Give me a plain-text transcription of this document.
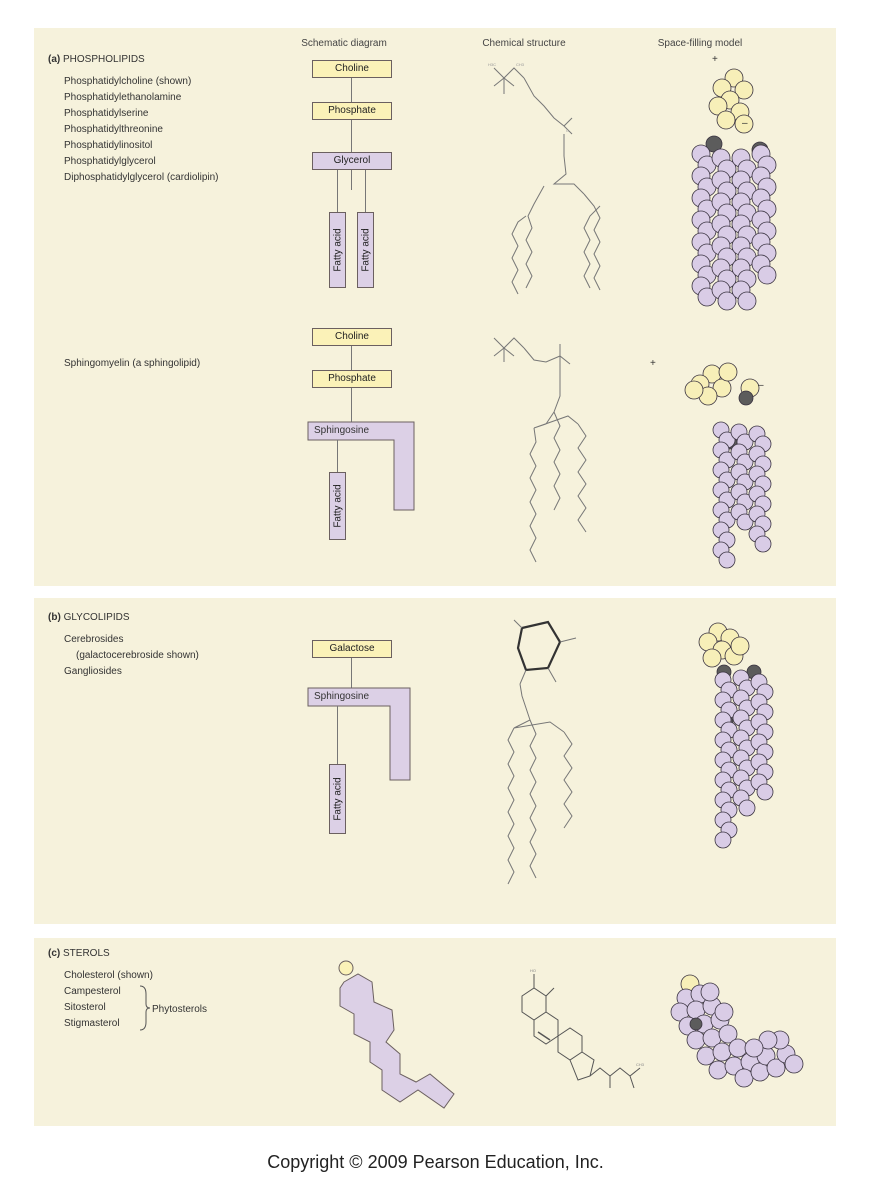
Schematic diagram	Chemical structure	Space-filling model
(a) PHOSPHOLIPIDS
Phosphatidylcholine (shown)
Phosphatidylethanolamine
Phosphatidylserine
Phosphatidylthreonine
Phosphatidylinositol
Phosphatidylglycerol
Diphosphatidylglycerol (cardiolipin)
Choline
Phosphate
Glycerol
Fatty acid Fatty acid
Sphingomyelin (a sphingolipid)
Choline
Phosphate
Sphingosine
Fatty acid
H3C	CH3
O
+
–
+
–
(b) GLYCOLIPIDS
Cerebrosides
(galactocerebroside shown)
Gangliosides
Galactose
Sphingosine
Fatty acid
(c) STEROLS
Cholesterol (shown)
Campesterol
Sitosterol
Stigmasterol
Phytosterols
HO
CH3
Copyright © 2009 Pearson Education, Inc.
